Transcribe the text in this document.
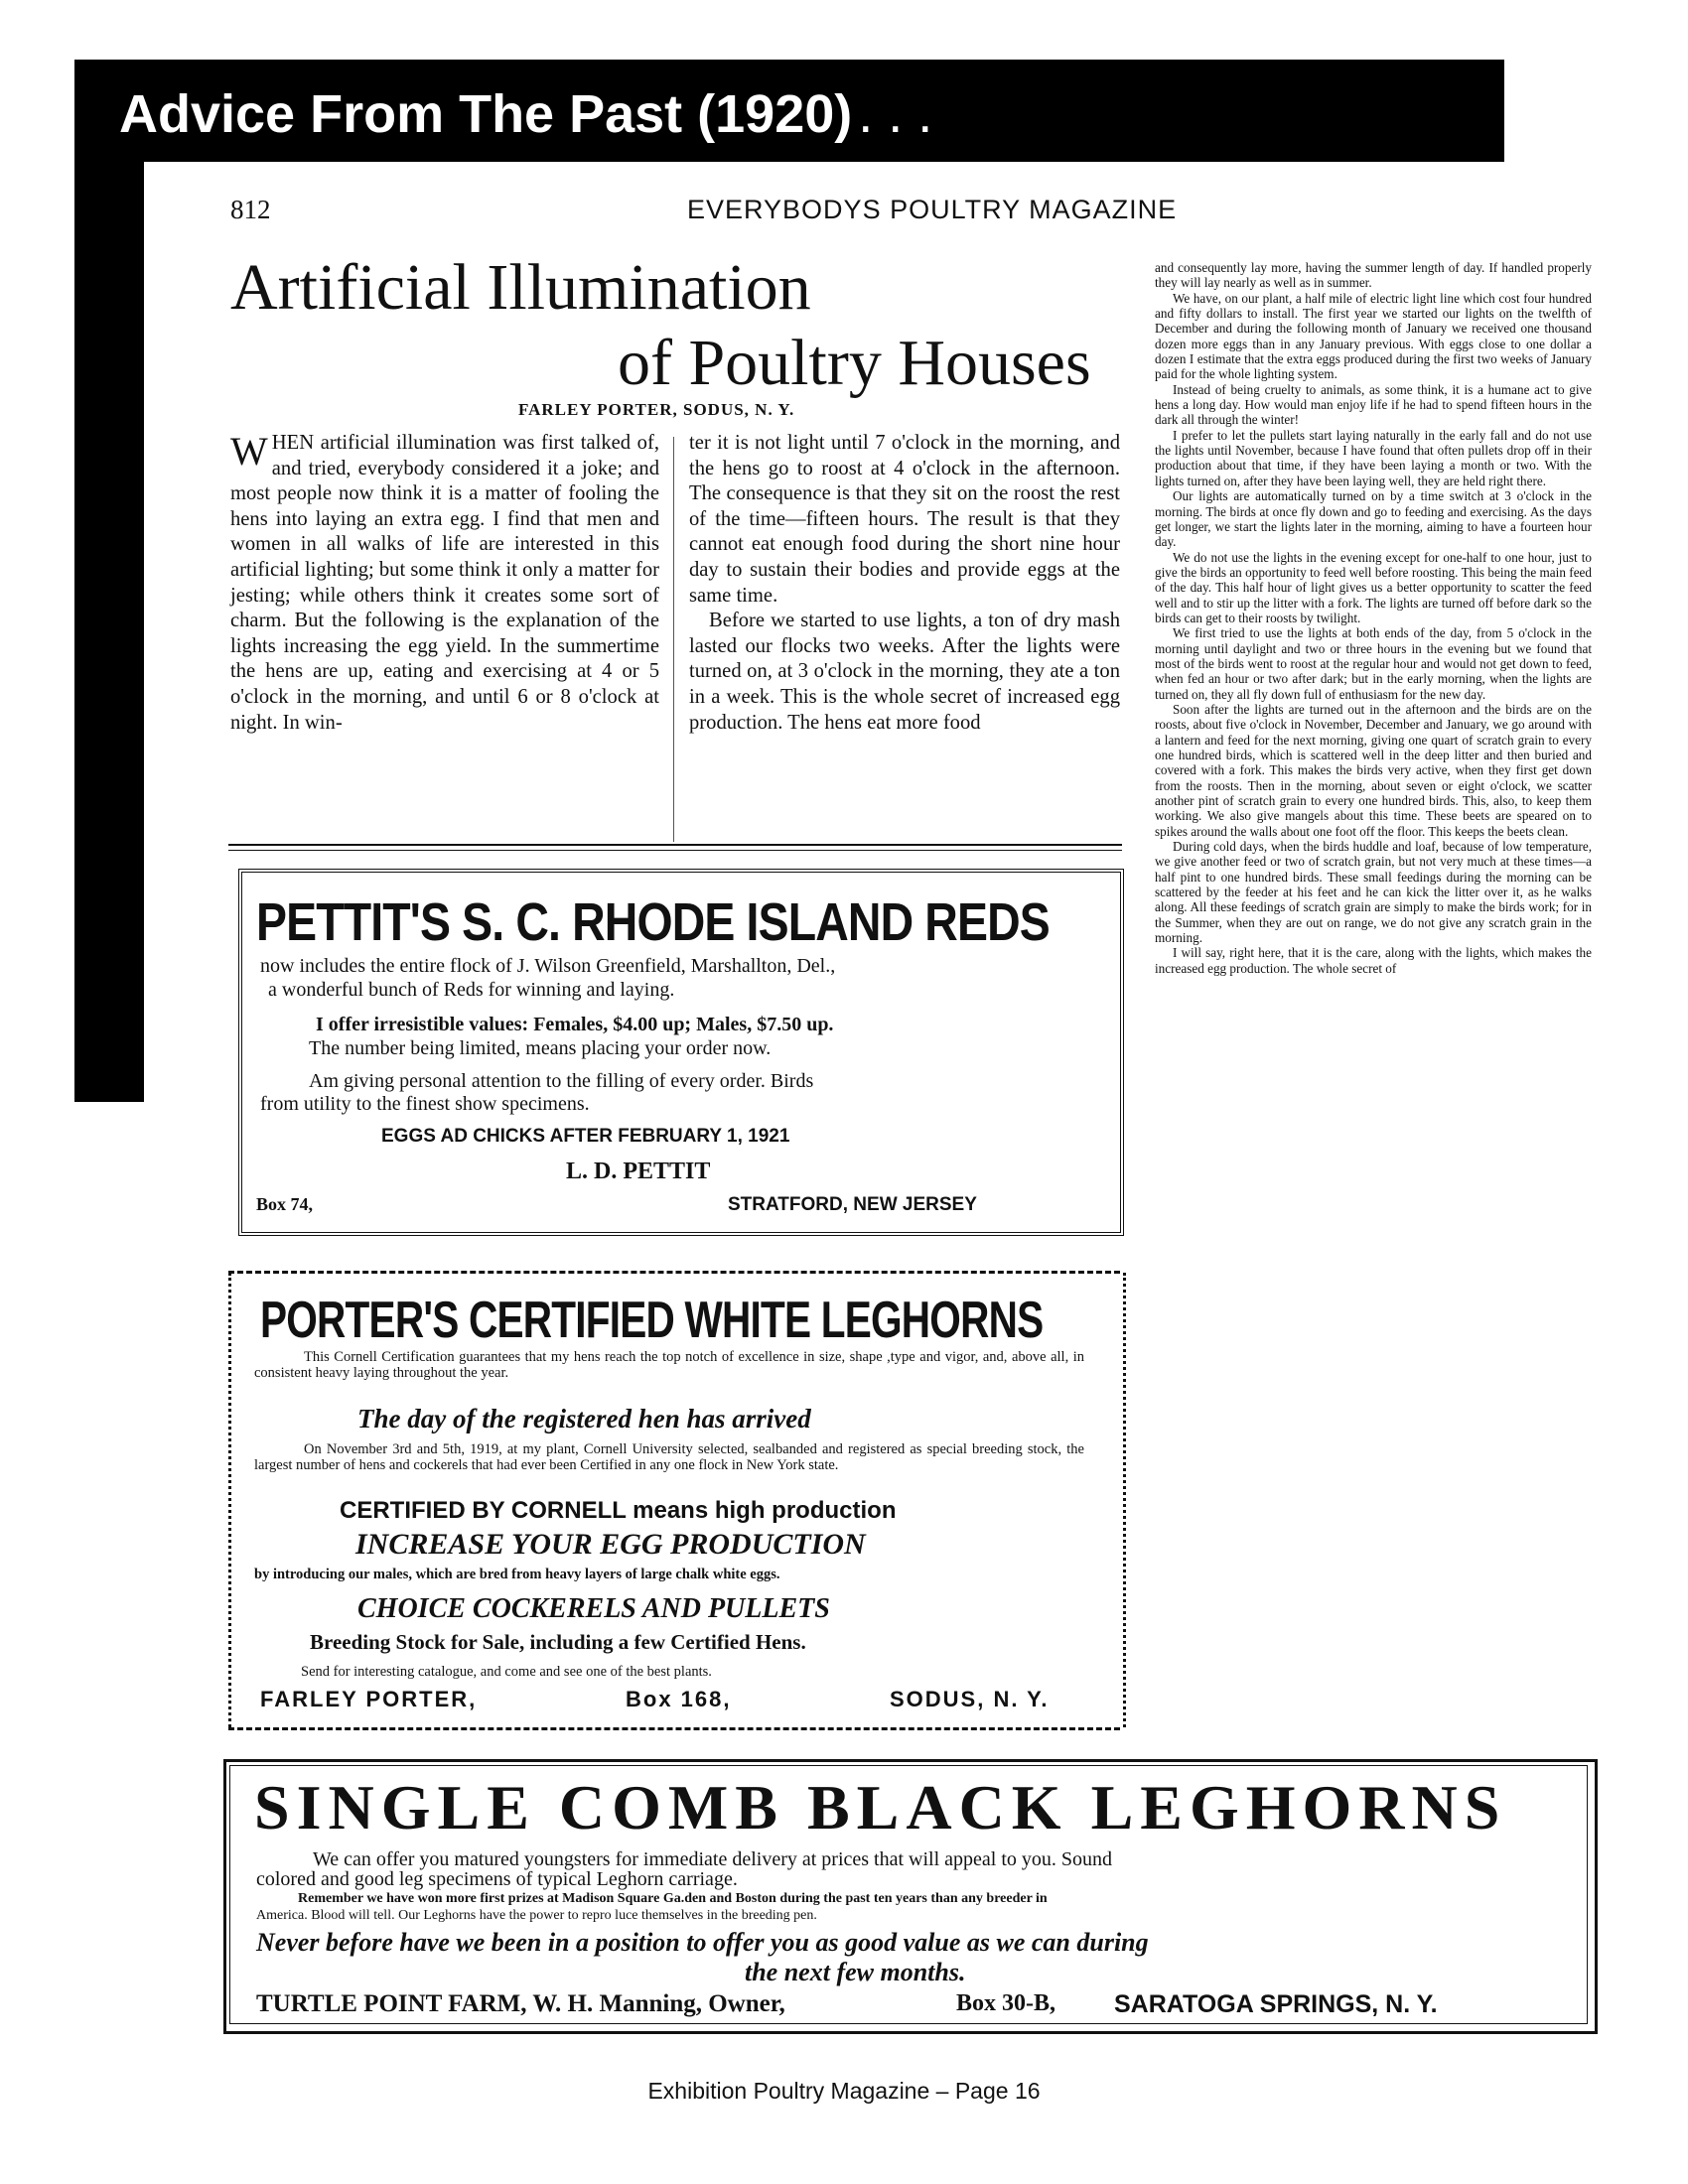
Advice From The Past (1920) . . .
812	EVERYBODYS POULTRY MAGAZINE
Artificial Illumination
of Poultry Houses
FARLEY PORTER, SODUS, N. Y.
WHEN artificial illumination was first talked of, and tried, everybody considered it a joke; and most people now think it is a matter of fooling the hens into laying an extra egg. I find that men and women in all walks of life are interested in this artificial lighting; but some think it only a matter for jesting; while others think it creates some sort of charm. But the following is the explanation of the lights increasing the egg yield. In the summertime the hens are up, eating and exercising at 4 or 5 o'clock in the morning, and until 6 or 8 o'clock at night. In win-
ter it is not light until 7 o'clock in the morning, and the hens go to roost at 4 o'clock in the afternoon. The consequence is that they sit on the roost the rest of the time—fifteen hours. The result is that they cannot eat enough food during the short nine hour day to sustain their bodies and provide eggs at the same time.
Before we started to use lights, a ton of dry mash lasted our flocks two weeks. After the lights were turned on, at 3 o'clock in the morning, they ate a ton in a week. This is the whole secret of increased egg production. The hens eat more food

and consequently lay more, having the summer length of day. If handled properly they will lay nearly as well as in summer.

We have, on our plant, a half mile of electric light line which cost four hundred and fifty dollars to install. The first year we started our lights on the twelfth of December and during the following month of January we received one thousand dozen more eggs than in any January previous. With eggs close to one dollar a dozen I estimate that the extra eggs produced during the first two weeks of January paid for the whole lighting system.

Instead of being cruelty to animals, as some think, it is a humane act to give hens a long day. How would man enjoy life if he had to spend fifteen hours in the dark all through the winter!

I prefer to let the pullets start laying naturally in the early fall and do not use the lights until November, because I have found that often pullets drop off in their production about that time, if they have been laying a month or two. With the lights turned on, after they have been laying well, they are held right there.

Our lights are automatically turned on by a time switch at 3 o'clock in the morning. The birds at once fly down and go to feeding and exercising. As the days get longer, we start the lights later in the morning, aiming to have a fourteen hour day.

We do not use the lights in the evening except for one-half to one hour, just to give the birds an opportunity to feed well before roosting. This being the main feed of the day. This half hour of light gives us a better opportunity to scatter the feed well and to stir up the litter with a fork. The lights are turned off before dark so the birds can get to their roosts by twilight.

We first tried to use the lights at both ends of the day, from 5 o'clock in the morning until daylight and two or three hours in the evening but we found that most of the birds went to roost at the regular hour and would not get down to feed, when fed an hour or two after dark; but in the early morning, when the lights are turned on, they all fly down full of enthusiasm for the new day.

Soon after the lights are turned out in the afternoon and the birds are on the roosts, about five o'clock in November, December and January, we go around with a lantern and feed for the next morning, giving one quart of scratch grain to every one hundred birds, which is scattered well in the deep litter and then buried and covered with a fork. This makes the birds very active, when they first get down from the roosts. Then in the morning, about seven or eight o'clock, we scatter another pint of scratch grain to every one hundred birds. This, also, to keep them working. We also give mangels about this time. These beets are speared on to spikes around the walls about one foot off the floor. This keeps the beets clean.

During cold days, when the birds huddle and loaf, because of low temperature, we give another feed or two of scratch grain, but not very much at these times—a half pint to one hundred birds. These small feedings during the morning can be scattered by the feeder at his feet and he can kick the litter over it, as he walks along. All these feedings of scratch grain are simply to make the birds work; for in the Summer, when they are out on range, we do not give any scratch grain in the morning.

I will say, right here, that it is the care, along with the lights, which makes the increased egg production. The whole secret of

PETTIT'S S. C. RHODE ISLAND REDS
now includes the entire flock of J. Wilson Greenfield, Marshallton, Del.,
a wonderful bunch of Reds for winning and laying.
I offer irresistible values: Females, $4.00 up; Males, $7.50 up.
The number being limited, means placing your order now.
Am giving personal attention to the filling of every order. Birds
from utility to the finest show specimens.
EGGS AD CHICKS AFTER FEBRUARY 1, 1921
L. D. PETTIT
Box 74,	STRATFORD, NEW JERSEY
PORTER'S CERTIFIED WHITE LEGHORNS
This Cornell Certification guarantees that my hens reach the top notch of excellence in size, shape ,type and vigor, and, above all, in consistent heavy laying throughout the year.
The day of the registered hen has arrived
On November 3rd and 5th, 1919, at my plant, Cornell University selected, sealbanded and registered as special breeding stock, the largest number of hens and cockerels that had ever been Certified in any one flock in New York state.
CERTIFIED BY CORNELL means high production
INCREASE YOUR EGG PRODUCTION
by introducing our males, which are bred from heavy layers of large chalk white eggs.
CHOICE COCKERELS AND PULLETS
Breeding Stock for Sale, including a few Certified Hens.
Send for interesting catalogue, and come and see one of the best plants.
FARLEY PORTER,	Box 168,	SODUS, N. Y.
SINGLE COMB BLACK LEGHORNS
We can offer you matured youngsters for immediate delivery at prices that will appeal to you. Sound
colored and good leg specimens of typical Leghorn carriage.
Remember we have won more first prizes at Madison Square Ga.den and Boston during the past ten years than any breeder in
America. Blood will tell. Our Leghorns have the power to repro luce themselves in the breeding pen.
Never before have we been in a position to offer you as good value as we can during
the next few months.
TURTLE POINT FARM, W. H. Manning, Owner,	Box 30-B, SARATOGA SPRINGS, N. Y.
Exhibition Poultry Magazine – Page 16
